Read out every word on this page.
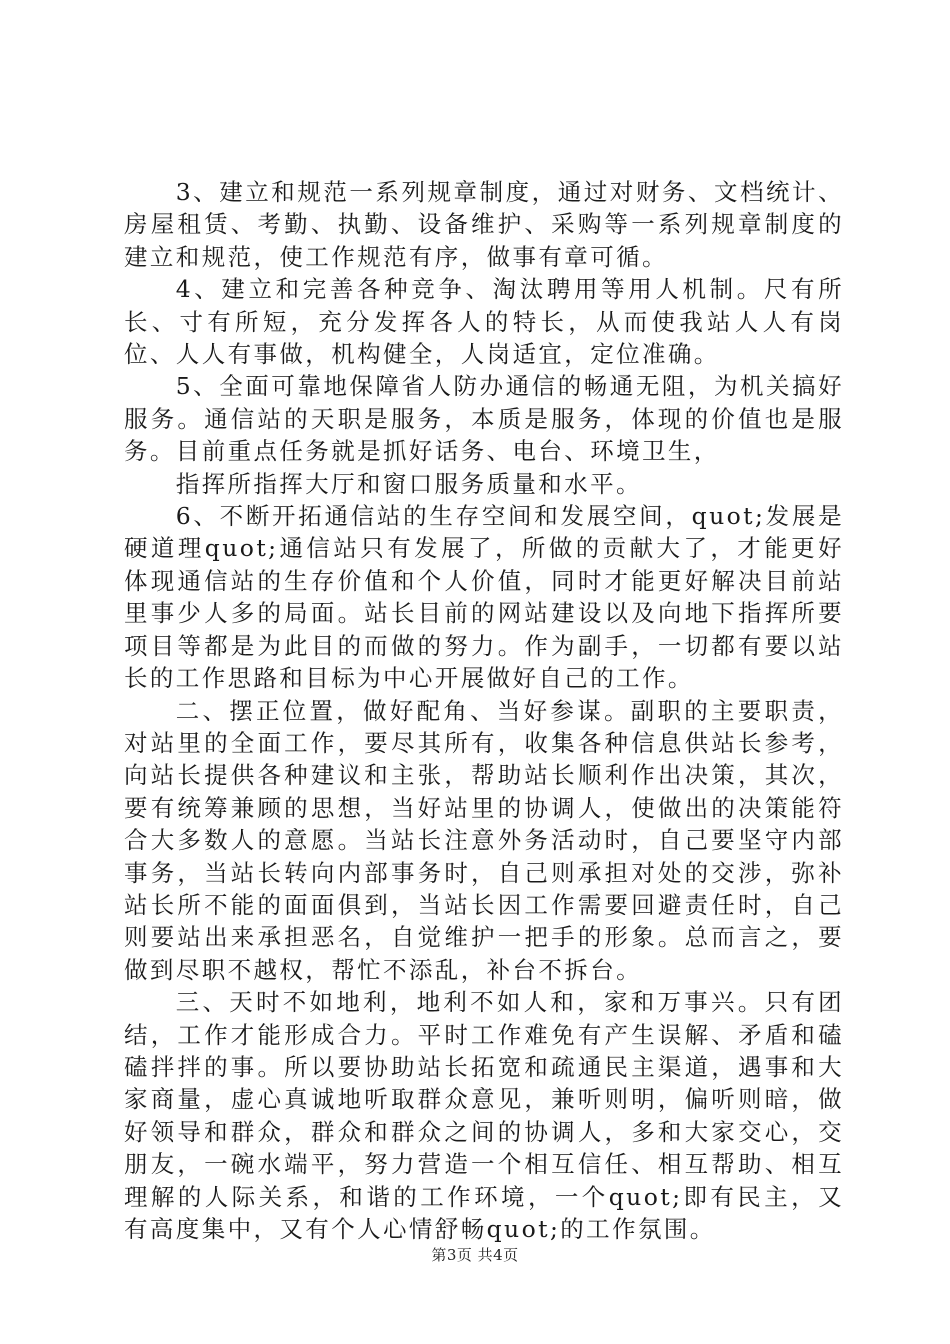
3、建立和规范一系列规章制度，通过对财务、文档统计、房屋租赁、考勤、执勤、设备维护、采购等一系列规章制度的建立和规范，使工作规范有序，做事有章可循。

4、建立和完善各种竞争、淘汰聘用等用人机制。尺有所长、寸有所短，充分发挥各人的特长，从而使我站人人有岗位、人人有事做，机构健全，人岗适宜，定位准确。

5、全面可靠地保障省人防办通信的畅通无阻，为机关搞好服务。通信站的天职是服务，本质是服务，体现的价值也是服务。目前重点任务就是抓好话务、电台、环境卫生，

指挥所指挥大厅和窗口服务质量和水平。

6、不断开拓通信站的生存空间和发展空间，quot;发展是硬道理quot;通信站只有发展了，所做的贡献大了，才能更好体现通信站的生存价值和个人价值，同时才能更好解决目前站里事少人多的局面。站长目前的网站建设以及向地下指挥所要项目等都是为此目的而做的努力。作为副手，一切都有要以站长的工作思路和目标为中心开展做好自己的工作。

二、摆正位置，做好配角、当好参谋。副职的主要职责，对站里的全面工作，要尽其所有，收集各种信息供站长参考，向站长提供各种建议和主张，帮助站长顺利作出决策，其次，要有统筹兼顾的思想，当好站里的协调人，使做出的决策能符合大多数人的意愿。当站长注意外务活动时，自己要坚守内部事务，当站长转向内部事务时，自己则承担对处的交涉，弥补站长所不能的面面俱到，当站长因工作需要回避责任时，自己则要站出来承担恶名，自觉维护一把手的形象。总而言之，要做到尽职不越权，帮忙不添乱，补台不拆台。

三、天时不如地利，地利不如人和，家和万事兴。只有团结，工作才能形成合力。平时工作难免有产生误解、矛盾和磕磕拌拌的事。所以要协助站长拓宽和疏通民主渠道，遇事和大家商量，虚心真诚地听取群众意见，兼听则明，偏听则暗，做好领导和群众，群众和群众之间的协调人，多和大家交心，交朋友，一碗水端平，努力营造一个相互信任、相互帮助、相互理解的人际关系，和谐的工作环境，一个quot;即有民主，又有高度集中，又有个人心情舒畅quot;的工作氛围。

第3页 共4页
